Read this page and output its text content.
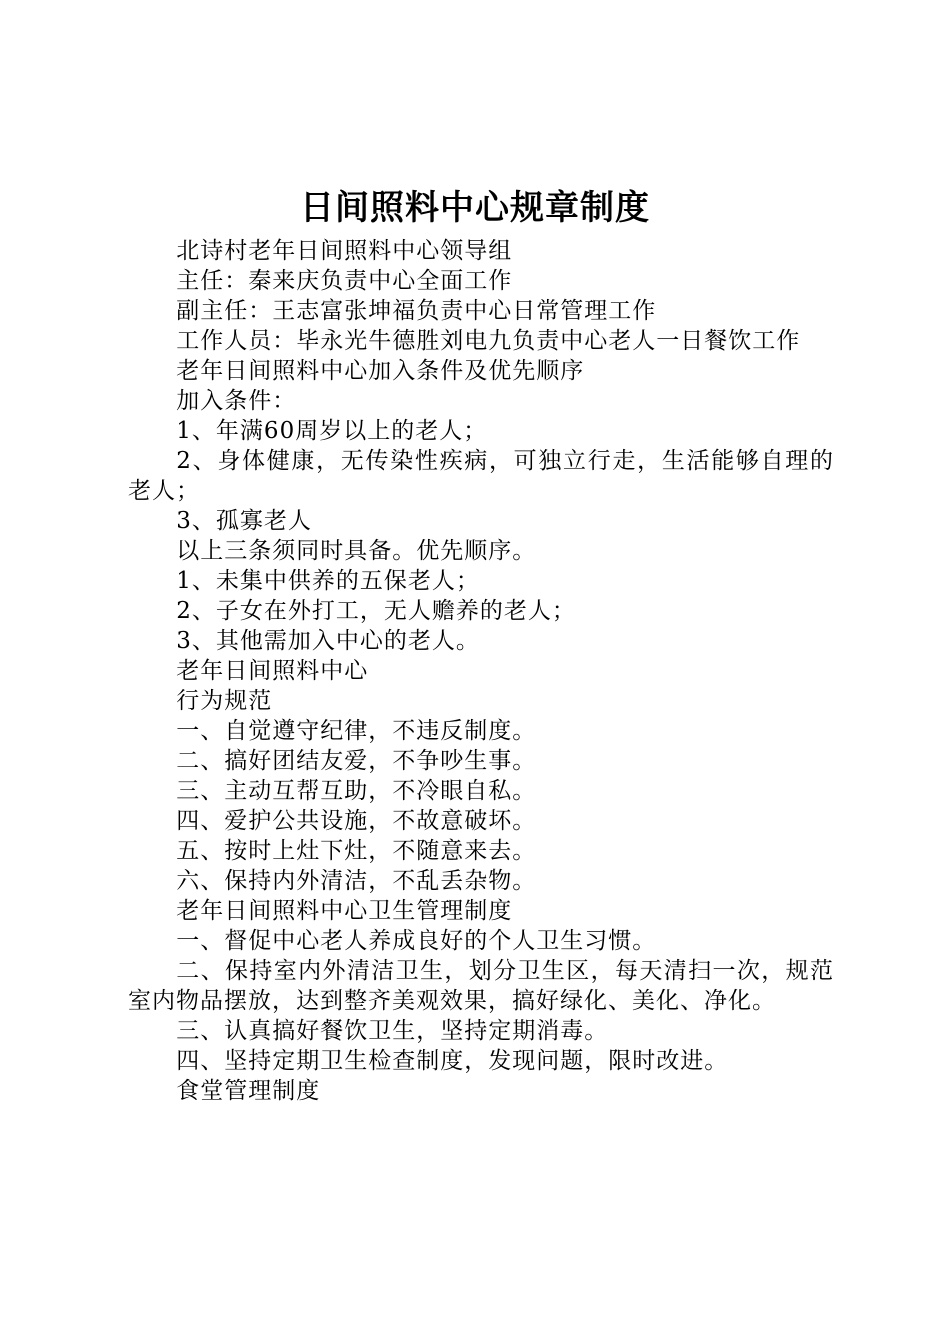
日间照料中心规章制度

北诗村老年日间照料中心领导组

主任：秦来庆负责中心全面工作

副主任：王志富张坤福负责中心日常管理工作

工作人员：毕永光牛德胜刘电九负责中心老人一日餐饮工作

老年日间照料中心加入条件及优先顺序

加入条件：

1、年满60周岁以上的老人；

2、身体健康，无传染性疾病，可独立行走，生活能够自理的老人；

3、孤寡老人

以上三条须同时具备。优先顺序。

1、未集中供养的五保老人；

2、子女在外打工，无人赡养的老人；

3、其他需加入中心的老人。

老年日间照料中心

行为规范

一、自觉遵守纪律，不违反制度。

二、搞好团结友爱，不争吵生事。

三、主动互帮互助，不冷眼自私。

四、爱护公共设施，不故意破坏。

五、按时上灶下灶，不随意来去。

六、保持内外清洁，不乱丢杂物。

老年日间照料中心卫生管理制度

一、督促中心老人养成良好的个人卫生习惯。

二、保持室内外清洁卫生，划分卫生区，每天清扫一次，规范室内物品摆放，达到整齐美观效果，搞好绿化、美化、净化。

三、认真搞好餐饮卫生，坚持定期消毒。

四、坚持定期卫生检查制度，发现问题，限时改进。

食堂管理制度
